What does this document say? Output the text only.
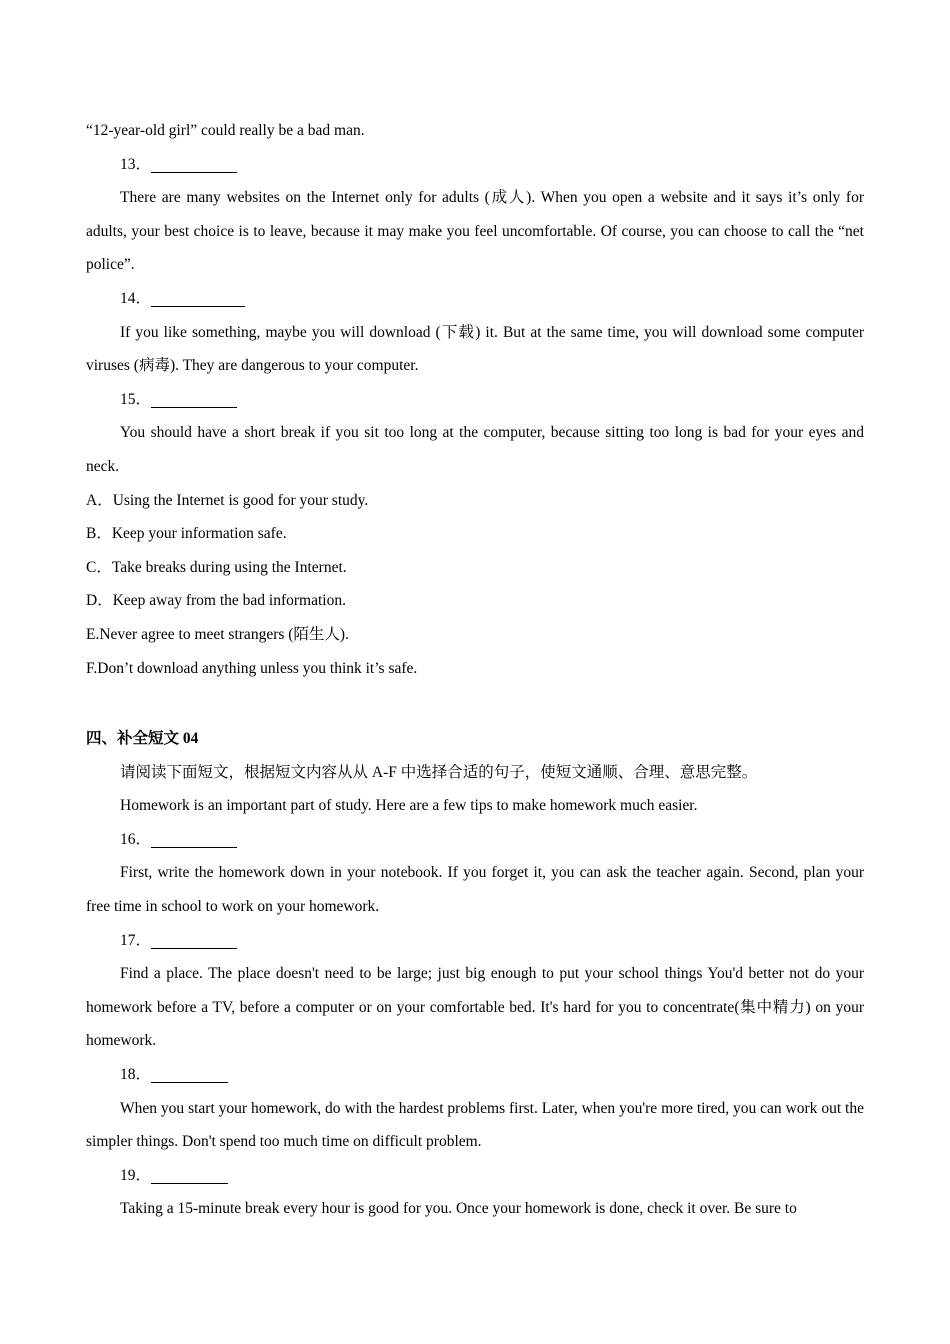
“12-year-old girl” could really be a bad man.

13．

There are many websites on the Internet only for adults (成人). When you open a website and it says it’s only for adults, your best choice is to leave, because it may make you feel uncomfortable. Of course, you can choose to call the “net police”.

14．

If you like something, maybe you will download (下载) it. But at the same time, you will download some computer viruses (病毒). They are dangerous to your computer.

15．

You should have a short break if you sit too long at the computer, because sitting too long is bad for your eyes and neck.

A．Using the Internet is good for your study.

B．Keep your information safe.

C．Take breaks during using the Internet.

D．Keep away from the bad information.

E.Never agree to meet strangers (陌生人).

F.Don’t download anything unless you think it’s safe.

四、补全短文 04

请阅读下面短文，根据短文内容从从 A-F 中选择合适的句子，使短文通顺、合理、意思完整。

Homework is an important part of study. Here are a few tips to make homework much easier.

16．

First, write the homework down in your notebook. If you forget it, you can ask the teacher again. Second, plan your free time in school to work on your homework.

17．

Find a place. The place doesn't need to be large; just big enough to put your school things You'd better not do your homework before a TV, before a computer or on your comfortable bed. It's hard for you to concentrate(集中精力) on your homework.

18．

When you start your homework, do with the hardest problems first. Later, when you're more tired, you can work out the simpler things. Don't spend too much time on difficult problem.

19．

Taking a 15-minute break every hour is good for you. Once your homework is done, check it over. Be sure to
